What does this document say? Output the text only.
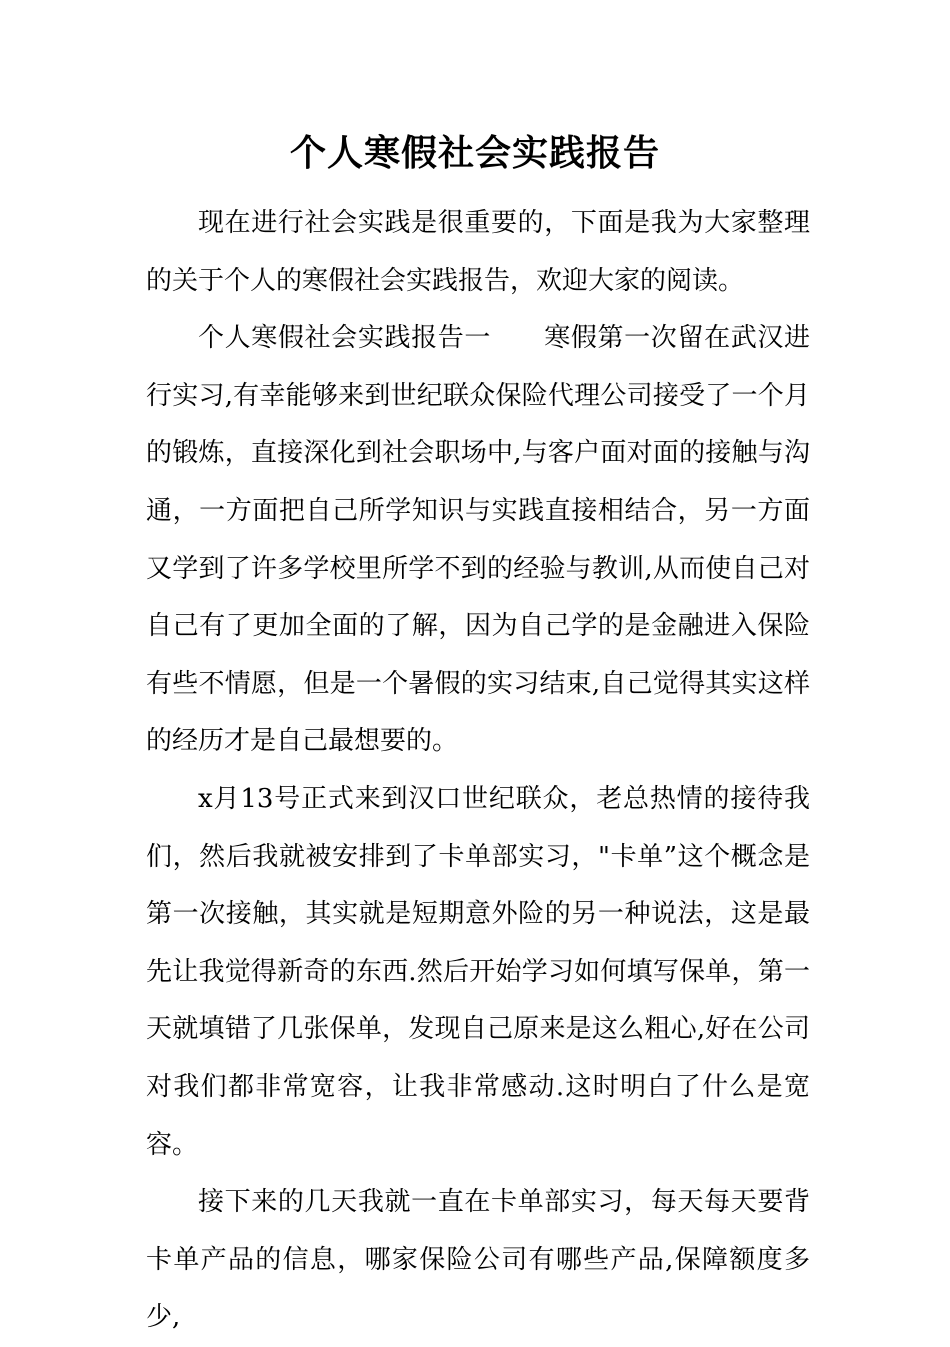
个人寒假社会实践报告

现在进行社会实践是很重要的，下面是我为大家整理的关于个人的寒假社会实践报告，欢迎大家的阅读。

个人寒假社会实践报告一　　寒假第一次留在武汉进行实习,有幸能够来到世纪联众保险代理公司接受了一个月的锻炼，直接深化到社会职场中,与客户面对面的接触与沟通，一方面把自己所学知识与实践直接相结合，另一方面又学到了许多学校里所学不到的经验与教训,从而使自己对自己有了更加全面的了解，因为自己学的是金融进入保险有些不情愿，但是一个暑假的实习结束,自己觉得其实这样的经历才是自己最想要的。

x月13号正式来到汉口世纪联众，老总热情的接待我们，然后我就被安排到了卡单部实习，"卡单”这个概念是第一次接触，其实就是短期意外险的另一种说法，这是最先让我觉得新奇的东西.然后开始学习如何填写保单，第一天就填错了几张保单，发现自己原来是这么粗心,好在公司对我们都非常宽容，让我非常感动.这时明白了什么是宽容。

接下来的几天我就一直在卡单部实习，每天每天要背卡单产品的信息，哪家保险公司有哪些产品,保障额度多少,
